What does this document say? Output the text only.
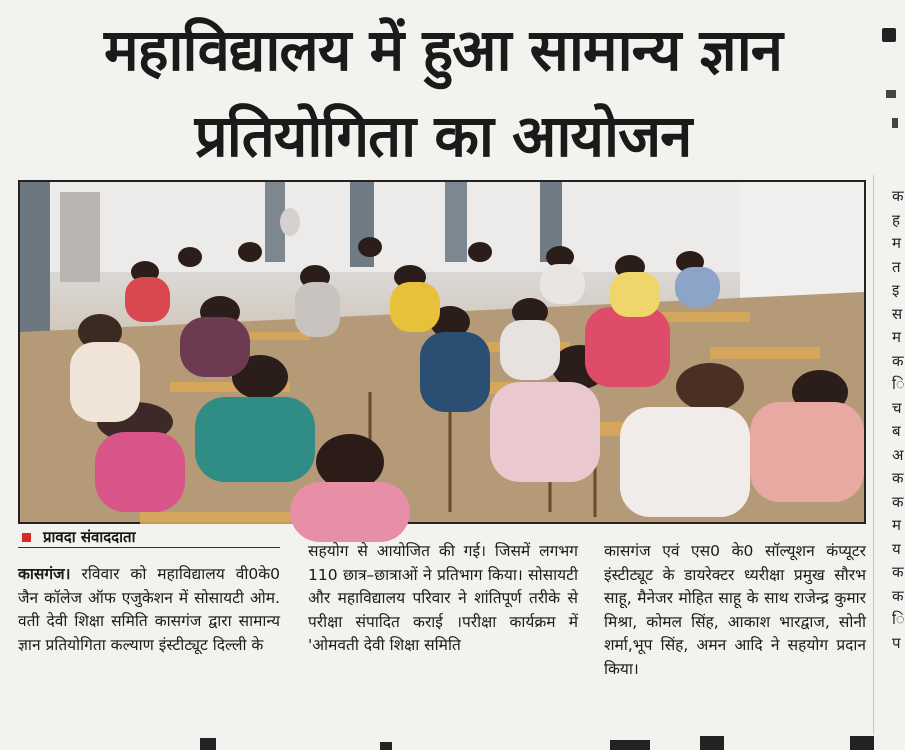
महाविद्यालय में हुआ सामान्य ज्ञान
प्रतियोगिता का आयोजन
प्रावदा संवाददाता

कासगंज। रविवार को महाविद्यालय वी0के0 जैन कॉलेज ऑफ एजुकेशन में सोसायटी ओम. वती देवी शिक्षा समिति कासगंज द्वारा सामान्य ज्ञान प्रतियोगिता कल्याण इंस्टीट्यूट दिल्ली के

सहयोग से आयोजित की गई। जिसमें लगभग 110 छात्र–छात्राओं ने प्रतिभाग किया। सोसायटी और महाविद्यालय परिवार ने शांतिपूर्ण तरीके से परीक्षा संपादित कराई ।परीक्षा कार्यक्रम में 'ओमवती देवी शिक्षा समिति

कासगंज एवं एस0 के0 सॉल्यूशन कंप्यूटर इंस्टीट्यूट के डायरेक्टर ध्यरीक्षा प्रमुख सौरभ साहू, मैनेजर मोहित साहू के साथ राजेन्द्र कुमार मिश्रा, कोमल सिंह, आकाश भारद्वाज, सोनी शर्मा,भूप सिंह, अमन आदि ने सहयोग प्रदान किया।

क
ह
म
त
इ
स
म
क
ि
च
ब
अ
क
क
म
य
क
क
ि
प
